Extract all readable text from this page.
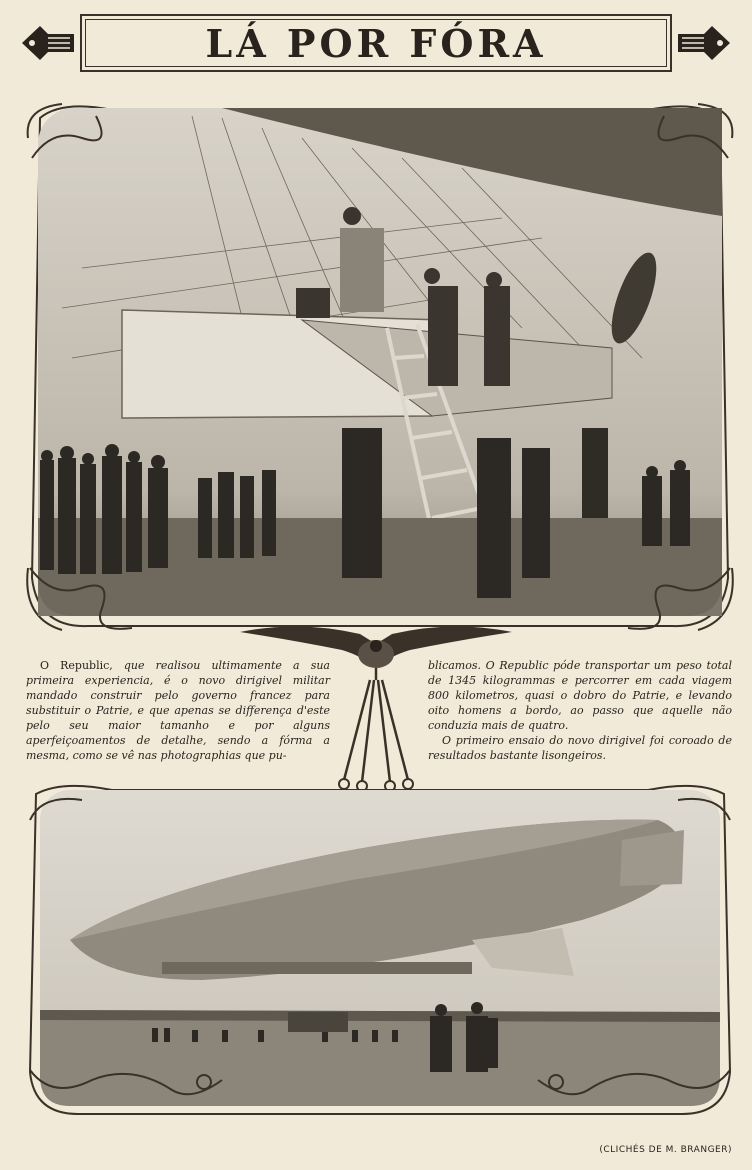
LÁ POR FÓRA

O Republic, que realisou ultimamente a sua primeira experiencia, é o novo dirigivel militar mandado construir pelo governo francez para substituir o Patrie, e que apenas se differença d'este pelo seu maior tamanho e por alguns aperfeiçoamentos de detalhe, sendo a fórma a mesma, como se vê nas photographias que pu-

blicamos. O Republic póde transportar um peso total de 1345 kilogrammas e percorrer em cada viagem 800 kilometros, quasi o dobro do Patrie, e levando oito homens a bordo, ao passo que aquelle não conduzia mais de quatro.

O primeiro ensaio do novo dirigivel foi coroado de resultados bastante lisongeiros.

(CLICHÉS DE M. BRANGER)
